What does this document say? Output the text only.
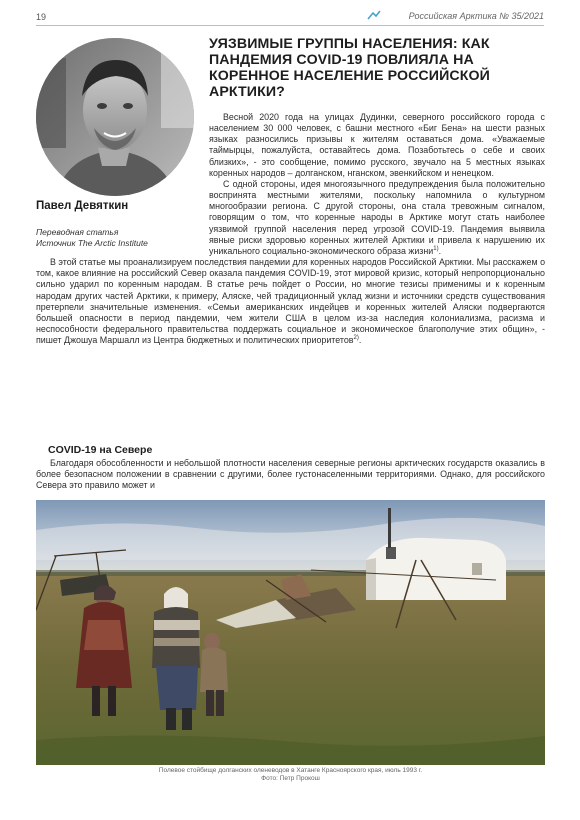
19	Российская Арктика № 35/2021
Павел Девяткин
Переводная статья
Источник The Arctic Institute
УЯЗВИМЫЕ ГРУППЫ НАСЕЛЕНИЯ: КАК ПАНДЕМИЯ COVID-19 ПОВЛИЯЛА НА КОРЕННОЕ НАСЕЛЕНИЕ РОССИЙСКОЙ АРКТИКИ?

Весной 2020 года на улицах Дудинки, северного российского города с населением 30 000 человек, с башни местного «Биг Бена» на шести разных языках разносились призывы к жителям оставаться дома. «Уважаемые таймырцы, пожалуйста, оставайтесь дома. Позаботьтесь о себе и своих близких», - это сообщение, помимо русского, звучало на 5 местных языках коренных народов – долганском, нганском, эвенкийском и ненецком.

С одной стороны, идея многоязычного предупреждения была положительно воспринята местными жителями, поскольку напомнила о культурном многообразии региона. С другой стороны, она стала тревожным сигналом, говорящим о том, что коренные народы в Арктике могут стать наиболее уязвимой группой населения перед угрозой COVID-19. Пандемия выявила явные риски здоровью коренных жителей Арктики и привела к нарушению их уникального социально-экономического образа жизни$^{1)}$.

В этой статье мы проанализируем последствия пандемии для коренных народов Российской Арктики. Мы расскажем о том, какое влияние на российский Север оказала пандемия COVID-19, этот мировой кризис, который непропорционально сильно ударил по коренным народам. В статье речь пойдет о России, но многие тезисы применимы и к коренным народам других частей Арктики, к примеру, Аляске, чей традиционный уклад жизни и источники средств существования претерпели значительные изменения. «Семьи американских индейцев и коренных жителей Аляски подвергаются большей опасности в период пандемии, чем жители США в целом из-за наследия колониализма, расизма и неспособности федерального правительства поддержать социальное и экономическое благополучие этих общин», - пишет Джошуа Маршалл из Центра бюджетных и политических приоритетов$^{2)}$.

COVID-19 на Севере

Благодаря обособленности и небольшой плотности населения северные регионы арктических государств оказались в более безопасном положении в сравнении с другими, более густонаселенными территориями. Однако, для российского Севера это правило может и

Полевое стойбище долганских оленеводов в Хатанге Красноярского края, июль 1993 г.
Фото: Петр Прокош
